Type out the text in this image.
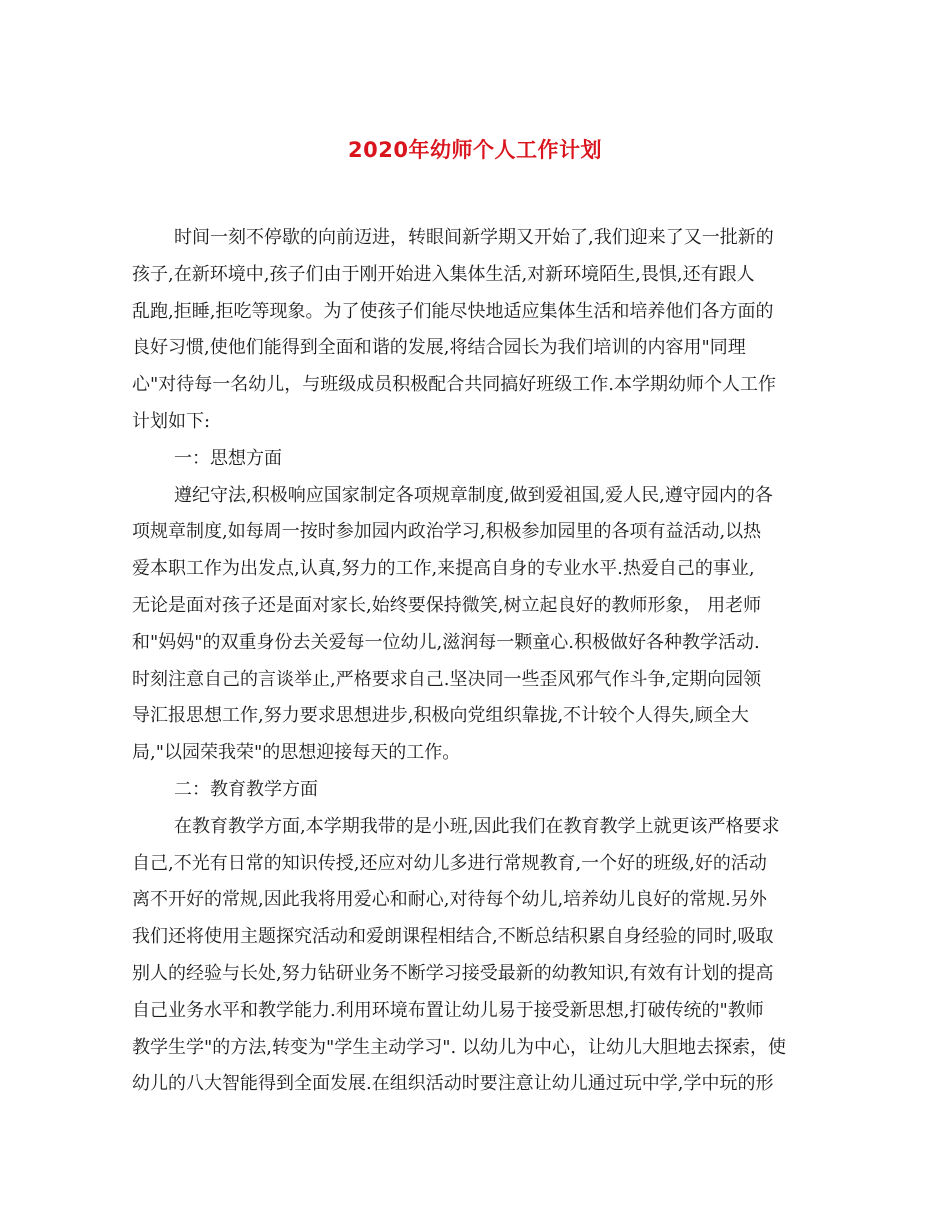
2020年幼师个人工作计划
时间一刻不停歇的向前迈进，转眼间新学期又开始了,我们迎来了又一批新的
孩子,在新环境中,孩子们由于刚开始进入集体生活,对新环境陌生,畏惧,还有跟人
乱跑,拒睡,拒吃等现象。为了使孩子们能尽快地适应集体生活和培养他们各方面的
良好习惯,使他们能得到全面和谐的发展,将结合园长为我们培训的内容用"同理
心"对待每一名幼儿，与班级成员积极配合共同搞好班级工作.本学期幼师个人工作
计划如下:
一：思想方面
遵纪守法,积极响应国家制定各项规章制度,做到爱祖国,爱人民,遵守园内的各
项规章制度,如每周一按时参加园内政治学习,积极参加园里的各项有益活动,以热
爱本职工作为出发点,认真,努力的工作,来提高自身的专业水平.热爱自己的事业,
无论是面对孩子还是面对家长,始终要保持微笑,树立起良好的教师形象， 用老师
和"妈妈"的双重身份去关爱每一位幼儿,滋润每一颗童心.积极做好各种教学活动.
时刻注意自己的言谈举止,严格要求自己.坚决同一些歪风邪气作斗争,定期向园领
导汇报思想工作,努力要求思想进步,积极向党组织靠拢,不计较个人得失,顾全大
局,"以园荣我荣"的思想迎接每天的工作。
二：教育教学方面
在教育教学方面,本学期我带的是小班,因此我们在教育教学上就更该严格要求
自己,不光有日常的知识传授,还应对幼儿多进行常规教育,一个好的班级,好的活动
离不开好的常规,因此我将用爱心和耐心,对待每个幼儿,培养幼儿良好的常规.另外
我们还将使用主题探究活动和爱朗课程相结合,不断总结积累自身经验的同时,吸取
别人的经验与长处,努力钻研业务不断学习接受最新的幼教知识,有效有计划的提高
自己业务水平和教学能力.利用环境布置让幼儿易于接受新思想,打破传统的"教师
教学生学"的方法,转变为"学生主动学习". 以幼儿为中心，让幼儿大胆地去探索，使
幼儿的八大智能得到全面发展.在组织活动时要注意让幼儿通过玩中学,学中玩的形
